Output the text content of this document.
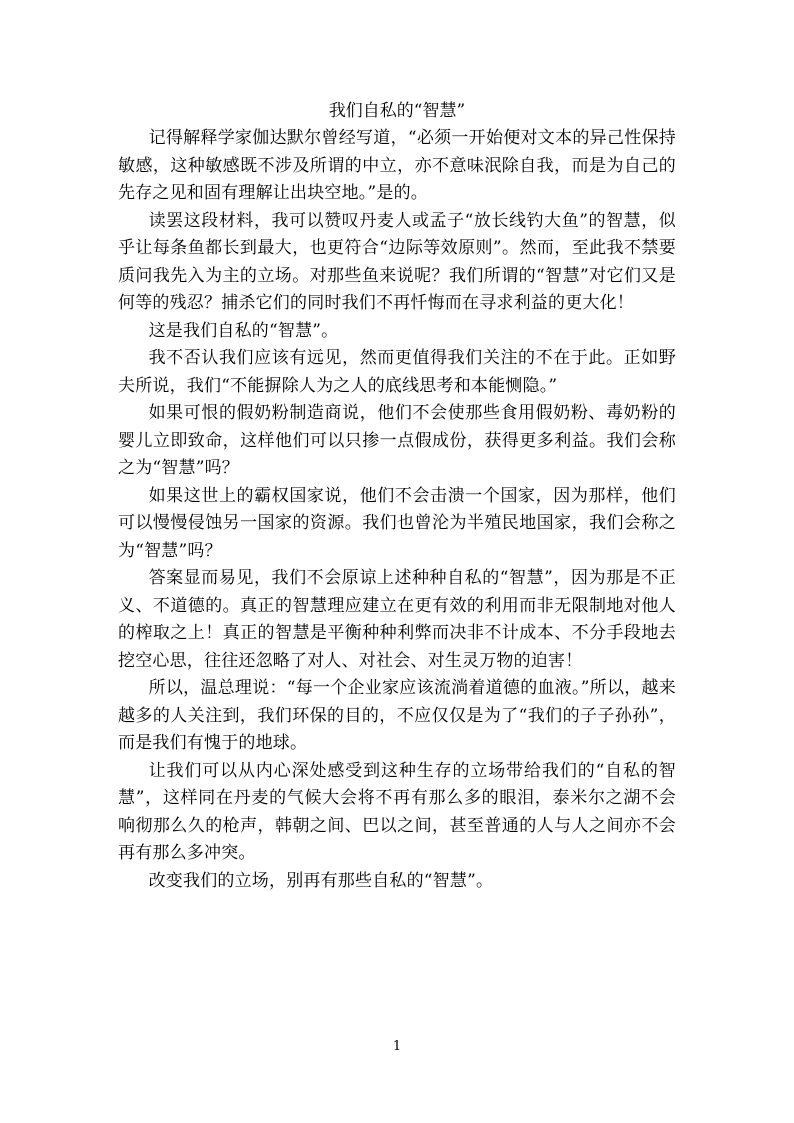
我们自私的“智慧”

记得解释学家伽达默尔曾经写道，“必须一开始便对文本的异己性保持敏感，这种敏感既不涉及所谓的中立，亦不意味泯除自我，而是为自己的先存之见和固有理解让出块空地。”是的。

读罢这段材料，我可以赞叹丹麦人或孟子“放长线钓大鱼”的智慧，似乎让每条鱼都长到最大，也更符合“边际等效原则”。然而，至此我不禁要质问我先入为主的立场。对那些鱼来说呢？我们所谓的“智慧”对它们又是何等的残忍？捕杀它们的同时我们不再忏悔而在寻求利益的更大化！

这是我们自私的“智慧”。

我不否认我们应该有远见，然而更值得我们关注的不在于此。正如野夫所说，我们“不能摒除人为之人的底线思考和本能恻隐。”

如果可恨的假奶粉制造商说，他们不会使那些食用假奶粉、毒奶粉的婴儿立即致命，这样他们可以只掺一点假成份，获得更多利益。我们会称之为“智慧”吗？

如果这世上的霸权国家说，他们不会击溃一个国家，因为那样，他们可以慢慢侵蚀另一国家的资源。我们也曾沦为半殖民地国家，我们会称之为“智慧”吗？

答案显而易见，我们不会原谅上述种种自私的“智慧”，因为那是不正义、不道德的。真正的智慧理应建立在更有效的利用而非无限制地对他人的榨取之上！真正的智慧是平衡种种利弊而决非不计成本、不分手段地去挖空心思，往往还忽略了对人、对社会、对生灵万物的迫害！

所以，温总理说：“每一个企业家应该流淌着道德的血液。”所以，越来越多的人关注到，我们环保的目的，不应仅仅是为了“我们的子子孙孙”，而是我们有愧于的地球。

让我们可以从内心深处感受到这种生存的立场带给我们的“自私的智慧”，这样同在丹麦的气候大会将不再有那么多的眼泪，泰米尔之湖不会响彻那么久的枪声，韩朝之间、巴以之间，甚至普通的人与人之间亦不会再有那么多冲突。

改变我们的立场，别再有那些自私的“智慧”。

1
